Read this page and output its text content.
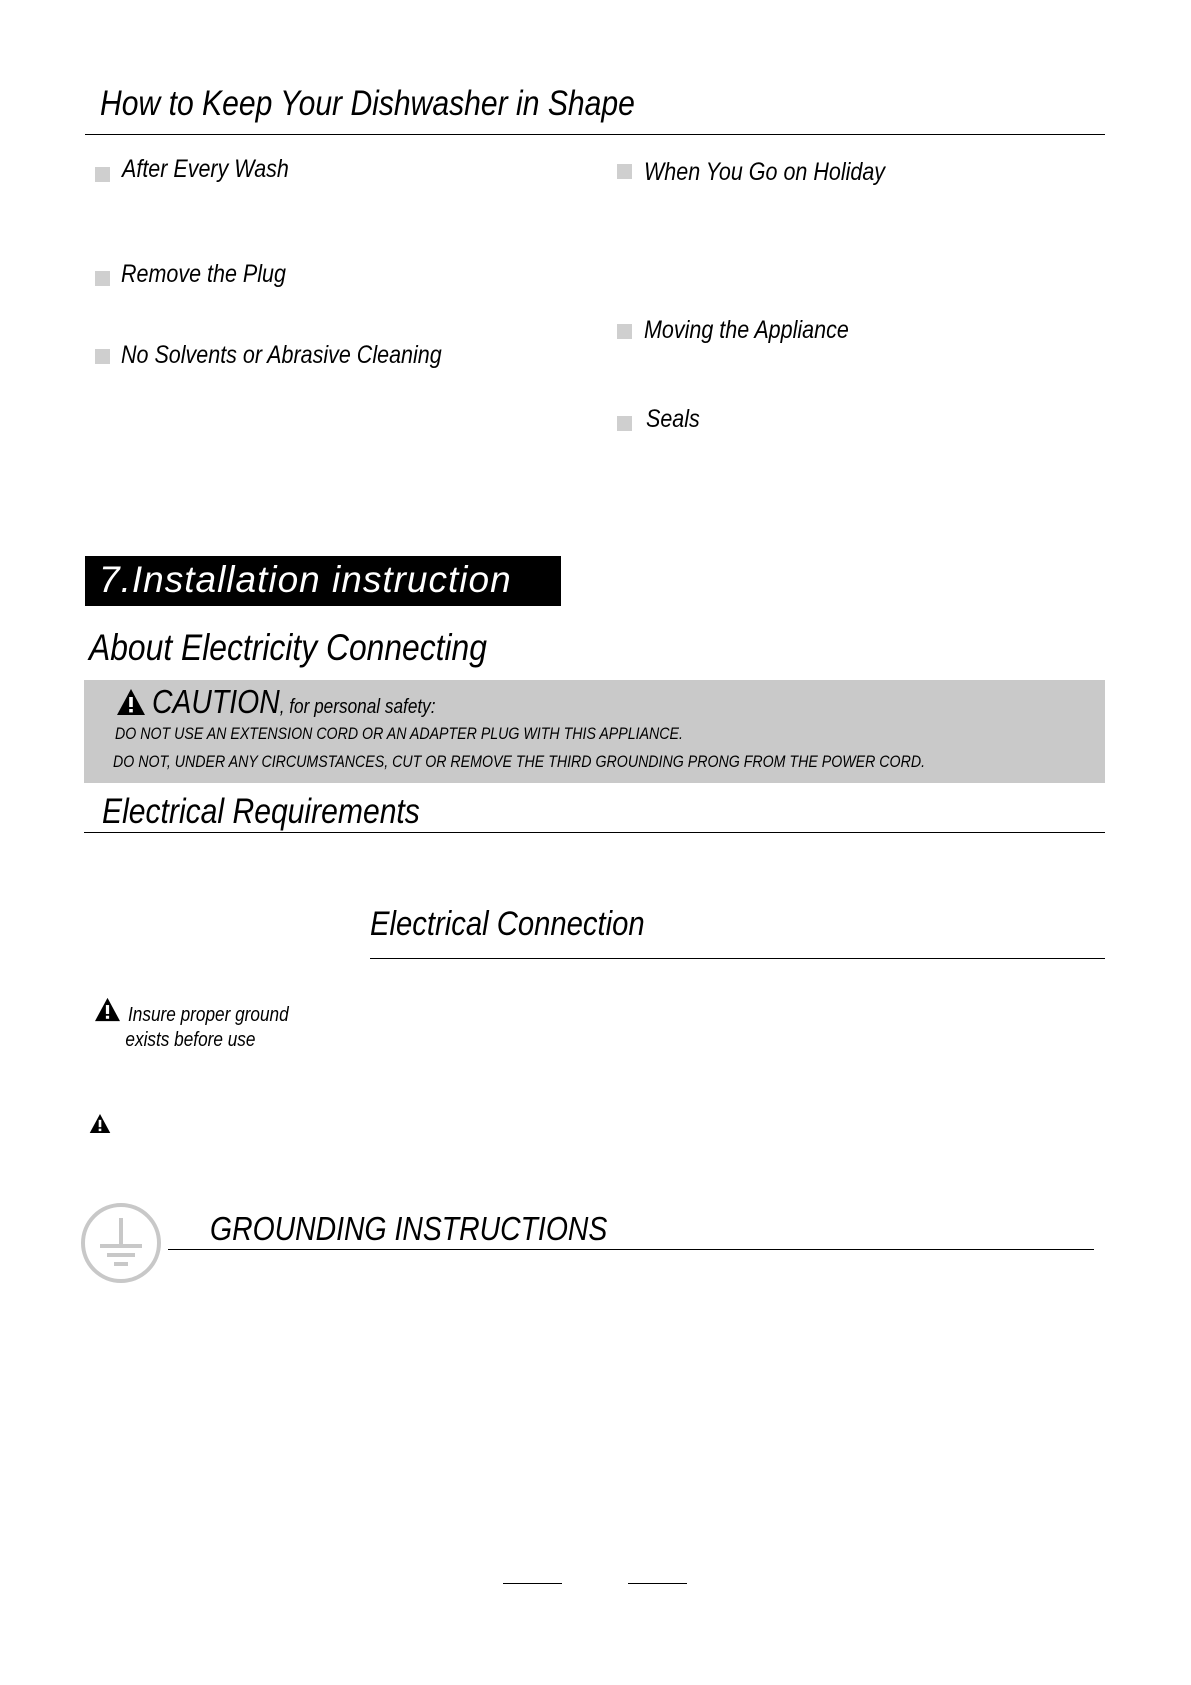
How to Keep Your Dishwasher in Shape
After Every Wash
Remove the Plug
No Solvents or Abrasive Cleaning
When You Go on Holiday
Moving the Appliance
Seals
7.Installation instruction
About Electricity Connecting
CAUTION, for personal safety:
DO NOT USE AN EXTENSION CORD OR AN ADAPTER PLUG WITH THIS APPLIANCE.
DO NOT, UNDER ANY CIRCUMSTANCES, CUT OR REMOVE THE THIRD GROUNDING PRONG FROM THE POWER CORD.
Electrical Requirements
Electrical Connection
Insure proper ground
exists before use
GROUNDING INSTRUCTIONS
